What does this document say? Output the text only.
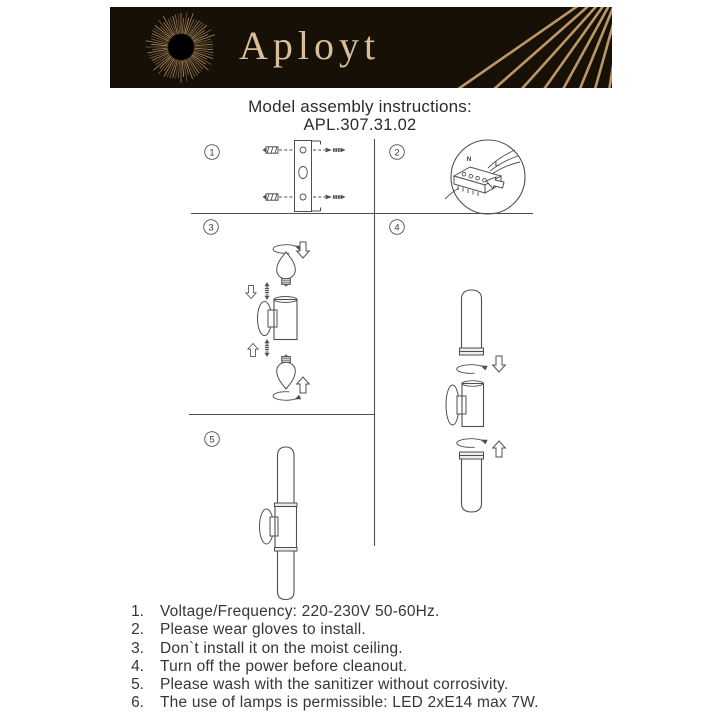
Aployt
Model assembly instructions:
APL.307.31.02
1	2
3	4
5
N
L
1. Voltage/Frequency: 220-230V 50-60Hz.
2. Please wear gloves to install.
3. Don`t install it on the moist ceiling.
4. Turn off the power before cleanout.
5. Please wash with the sanitizer without corrosivity.
6. The use of lamps is permissible: LED 2xE14 max 7W.
